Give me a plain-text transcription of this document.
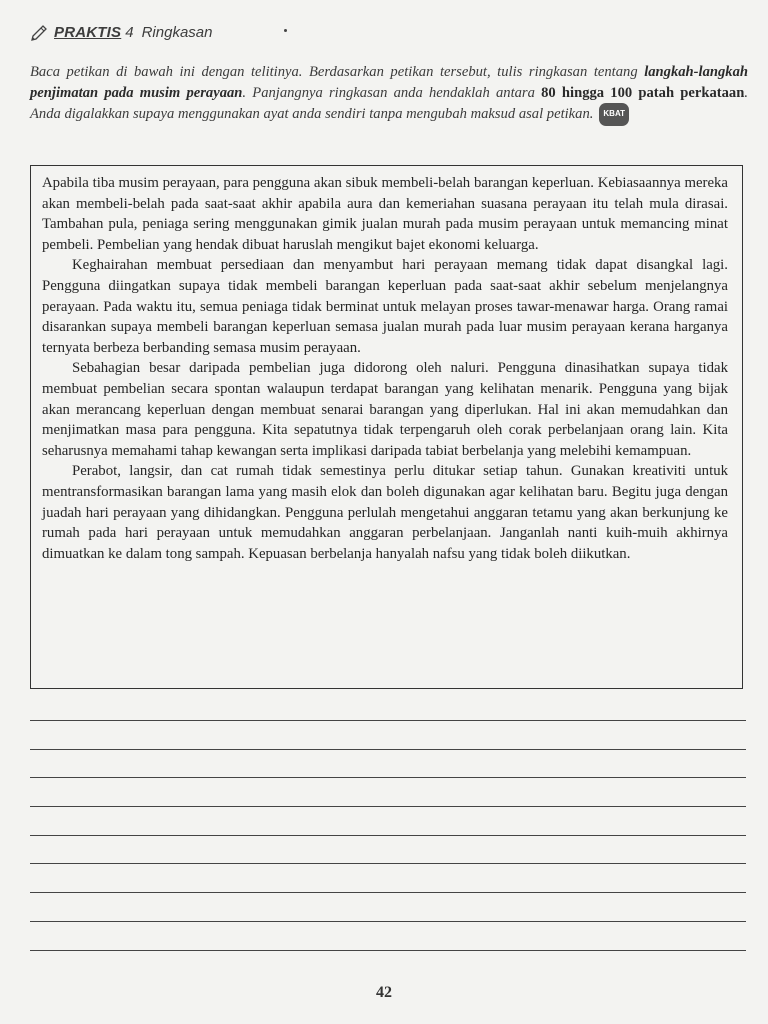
PRAKTIS 4 Ringkasan
Baca petikan di bawah ini dengan telitinya. Berdasarkan petikan tersebut, tulis ringkasan tentang langkah-langkah penjimatan pada musim perayaan. Panjangnya ringkasan anda hendaklah antara 80 hingga 100 patah perkataan. Anda digalakkan supaya menggunakan ayat anda sendiri tanpa mengubah maksud asal petikan. KBAT

Apabila tiba musim perayaan, para pengguna akan sibuk membeli-belah barangan keperluan. Kebiasaannya mereka akan membeli-belah pada saat-saat akhir apabila aura dan kemeriahan suasana perayaan itu telah mula dirasai. Tambahan pula, peniaga sering menggunakan gimik jualan murah pada musim perayaan untuk memancing minat pembeli. Pembelian yang hendak dibuat haruslah mengikut bajet ekonomi keluarga.

Keghairahan membuat persediaan dan menyambut hari perayaan memang tidak dapat disangkal lagi. Pengguna diingatkan supaya tidak membeli barangan keperluan pada saat-saat akhir sebelum menjelangnya perayaan. Pada waktu itu, semua peniaga tidak berminat untuk melayan proses tawar-menawar harga. Orang ramai disarankan supaya membeli barangan keperluan semasa jualan murah pada luar musim perayaan kerana harganya ternyata berbeza berbanding semasa musim perayaan.

Sebahagian besar daripada pembelian juga didorong oleh naluri. Pengguna dinasihatkan supaya tidak membuat pembelian secara spontan walaupun terdapat barangan yang kelihatan menarik. Pengguna yang bijak akan merancang keperluan dengan membuat senarai barangan yang diperlukan. Hal ini akan memudahkan dan menjimatkan masa para pengguna. Kita sepatutnya tidak terpengaruh oleh corak perbelanjaan orang lain. Kita seharusnya memahami tahap kewangan serta implikasi daripada tabiat berbelanja yang melebihi kemampuan.

Perabot, langsir, dan cat rumah tidak semestinya perlu ditukar setiap tahun. Gunakan kreativiti untuk mentransformasikan barangan lama yang masih elok dan boleh digunakan agar kelihatan baru. Begitu juga dengan juadah hari perayaan yang dihidangkan. Pengguna perlulah mengetahui anggaran tetamu yang akan berkunjung ke rumah pada hari perayaan untuk memudahkan anggaran perbelanjaan. Janganlah nanti kuih-muih akhirnya dimuatkan ke dalam tong sampah. Kepuasan berbelanja hanyalah nafsu yang tidak boleh diikutkan.

42
